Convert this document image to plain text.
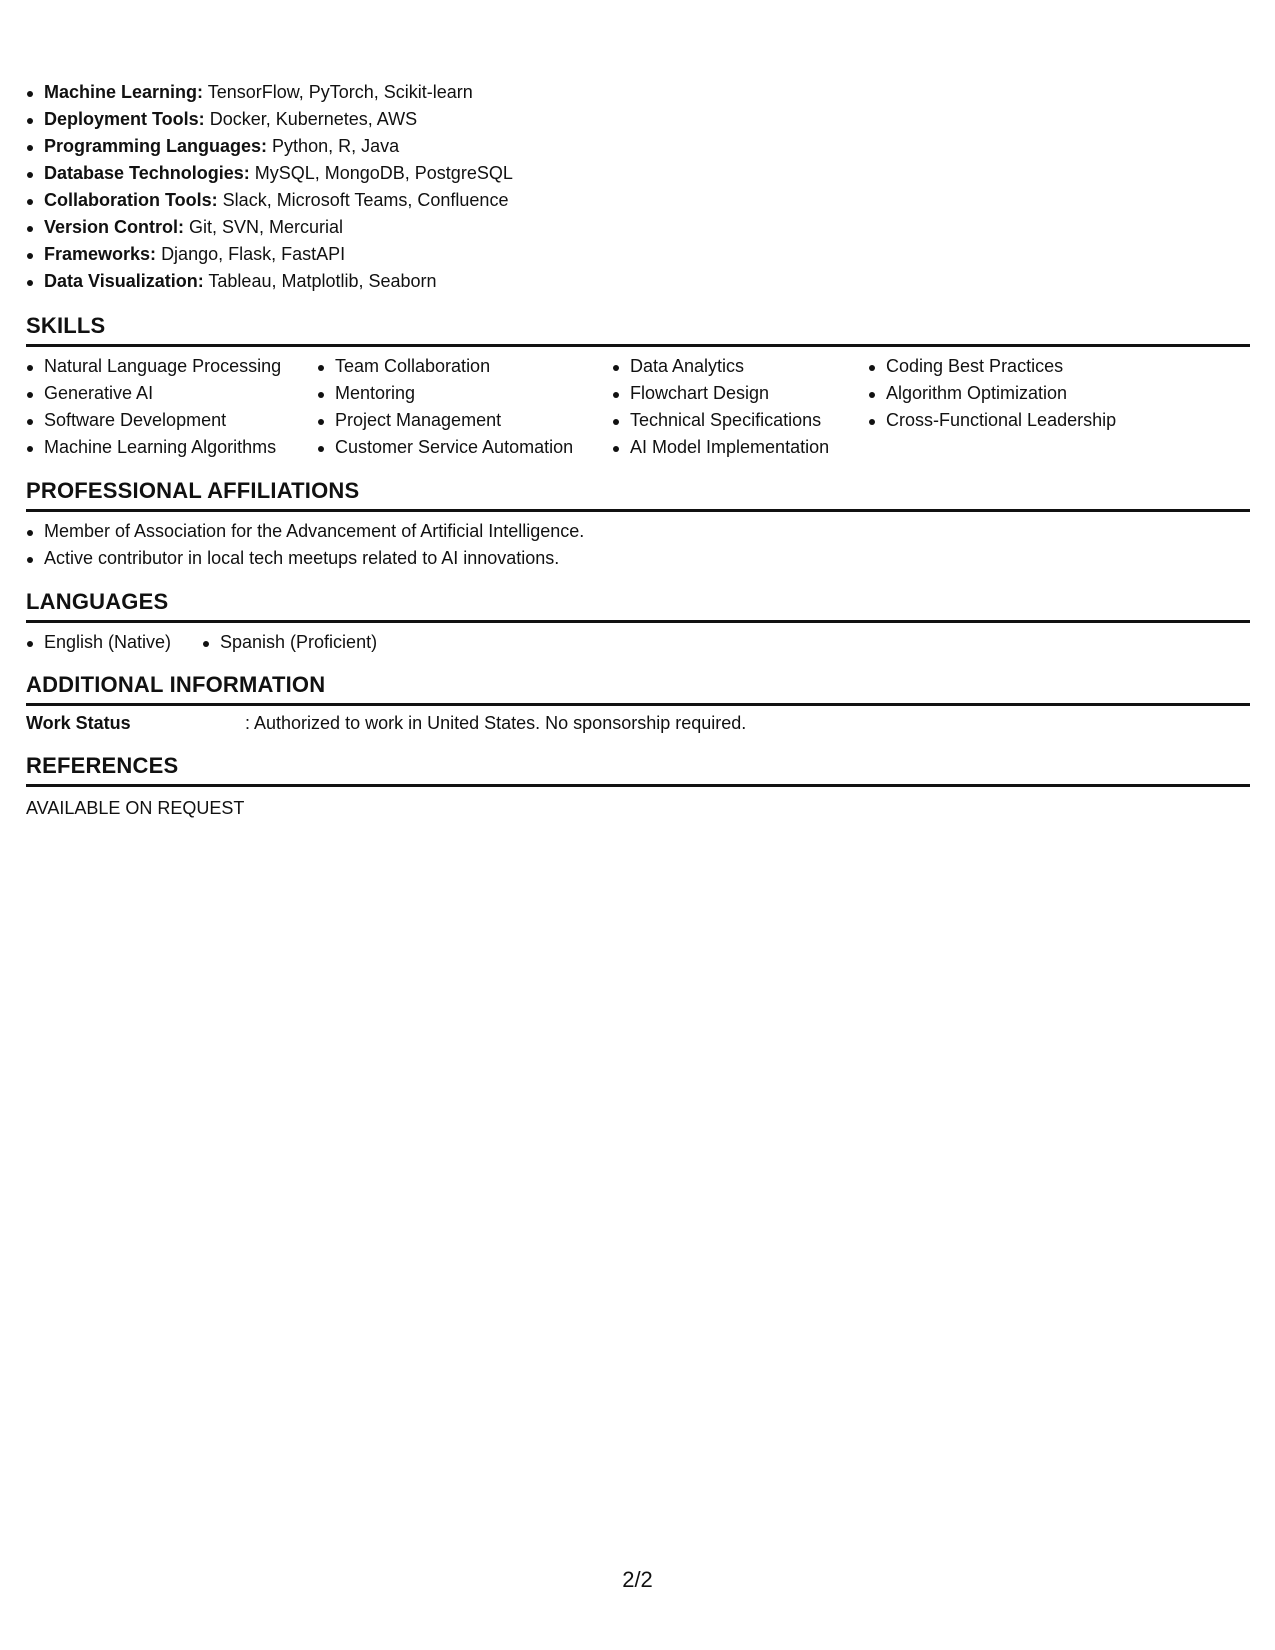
Machine Learning: TensorFlow, PyTorch, Scikit-learn
Deployment Tools: Docker, Kubernetes, AWS
Programming Languages: Python, R, Java
Database Technologies: MySQL, MongoDB, PostgreSQL
Collaboration Tools: Slack, Microsoft Teams, Confluence
Version Control: Git, SVN, Mercurial
Frameworks: Django, Flask, FastAPI
Data Visualization: Tableau, Matplotlib, Seaborn
SKILLS
Natural Language Processing
Generative AI
Software Development
Machine Learning Algorithms
Team Collaboration
Mentoring
Project Management
Customer Service Automation
Data Analytics
Flowchart Design
Technical Specifications
AI Model Implementation
Coding Best Practices
Algorithm Optimization
Cross-Functional Leadership
PROFESSIONAL AFFILIATIONS
Member of Association for the Advancement of Artificial Intelligence.
Active contributor in local tech meetups related to AI innovations.
LANGUAGES
English (Native)	Spanish (Proficient)
ADDITIONAL INFORMATION
Work Status	: Authorized to work in United States. No sponsorship required.
REFERENCES
AVAILABLE ON REQUEST
2/2
